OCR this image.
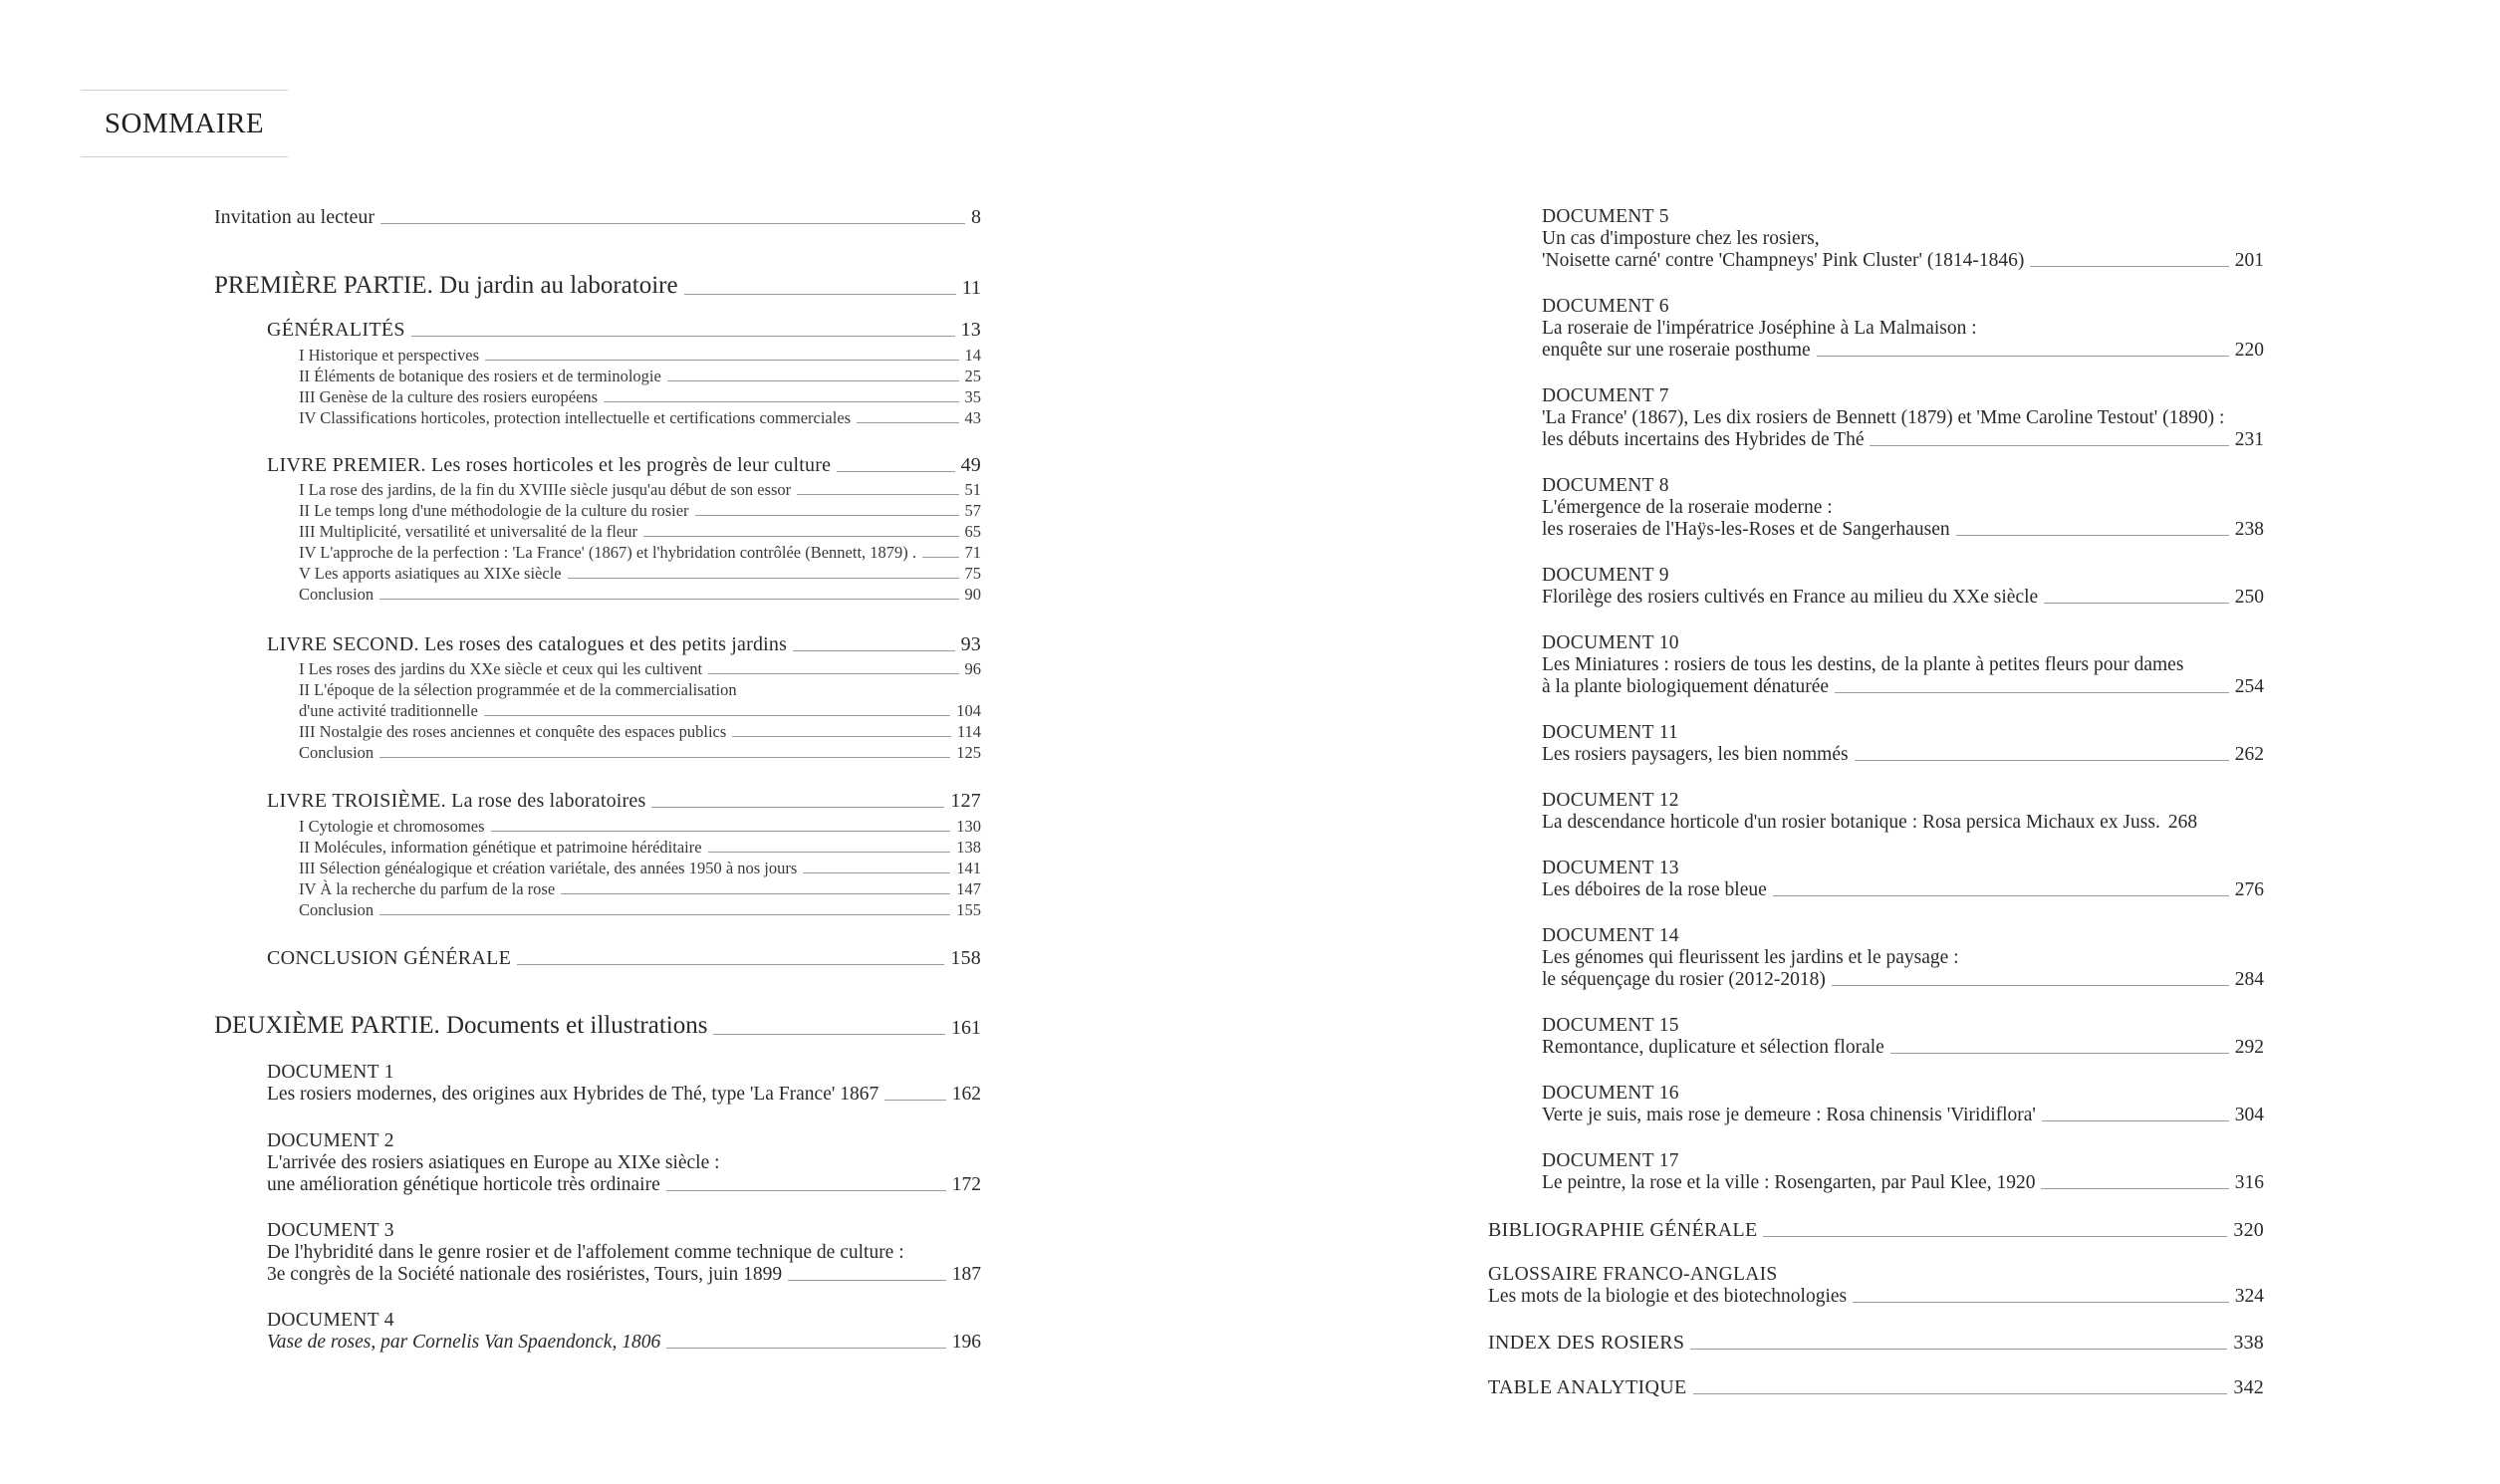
SOMMAIRE
Invitation au lecteur	8
PREMIÈRE PARTIE. Du jardin au laboratoire	11
GÉNÉRALITÉS	13
I Historique et perspectives	14
II Éléments de botanique des rosiers et de terminologie	25
III Genèse de la culture des rosiers européens	35
IV Classifications horticoles, protection intellectuelle et certifications commerciales	43
LIVRE PREMIER. Les roses horticoles et les progrès de leur culture	49
I La rose des jardins, de la fin du XVIIIe siècle jusqu'au début de son essor	51
II Le temps long d'une méthodologie de la culture du rosier	57
III Multiplicité, versatilité et universalité de la fleur	65
IV L'approche de la perfection : 'La France' (1867) et l'hybridation contrôlée (Bennett, 1879) .	71
V Les apports asiatiques au XIXe siècle	75
Conclusion	90
LIVRE SECOND. Les roses des catalogues et des petits jardins	93
I Les roses des jardins du XXe siècle et ceux qui les cultivent	96
II L'époque de la sélection programmée et de la commercialisation
d'une activité traditionnelle	104
III Nostalgie des roses anciennes et conquête des espaces publics	114
Conclusion	125
LIVRE TROISIÈME. La rose des laboratoires	127
I Cytologie et chromosomes	130
II Molécules, information génétique et patrimoine héréditaire	138
III Sélection généalogique et création variétale, des années 1950 à nos jours	141
IV À la recherche du parfum de la rose	147
Conclusion	155
CONCLUSION GÉNÉRALE	158
DEUXIÈME PARTIE. Documents et illustrations	161
DOCUMENT 1
Les rosiers modernes, des origines aux Hybrides de Thé, type 'La France' 1867	162
DOCUMENT 2
L'arrivée des rosiers asiatiques en Europe au XIXe siècle :
une amélioration génétique horticole très ordinaire	172
DOCUMENT 3
De l'hybridité dans le genre rosier et de l'affolement comme technique de culture :
3e congrès de la Société nationale des rosiéristes, Tours, juin 1899	187
DOCUMENT 4
Vase de roses, par Cornelis Van Spaendonck, 1806	196
DOCUMENT 5
Un cas d'imposture chez les rosiers,
'Noisette carné' contre 'Champneys' Pink Cluster' (1814-1846)	201
DOCUMENT 6
La roseraie de l'impératrice Joséphine à La Malmaison :
enquête sur une roseraie posthume	220
DOCUMENT 7
'La France' (1867), Les dix rosiers de Bennett (1879) et 'Mme Caroline Testout' (1890) :
les débuts incertains des Hybrides de Thé	231
DOCUMENT 8
L'émergence de la roseraie moderne :
les roseraies de l'Haÿs-les-Roses et de Sangerhausen	238
DOCUMENT 9
Florilège des rosiers cultivés en France au milieu du XXe siècle	250
DOCUMENT 10
Les Miniatures : rosiers de tous les destins, de la plante à petites fleurs pour dames
à la plante biologiquement dénaturée	254
DOCUMENT 11
Les rosiers paysagers, les bien nommés	262
DOCUMENT 12
La descendance horticole d'un rosier botanique : Rosa persica Michaux ex Juss. 268
DOCUMENT 13
Les déboires de la rose bleue	276
DOCUMENT 14
Les génomes qui fleurissent les jardins et le paysage :
le séquençage du rosier (2012-2018)	284
DOCUMENT 15
Remontance, duplicature et sélection florale	292
DOCUMENT 16
Verte je suis, mais rose je demeure : Rosa chinensis 'Viridiflora'	304
DOCUMENT 17
Le peintre, la rose et la ville : Rosengarten, par Paul Klee, 1920	316
BIBLIOGRAPHIE GÉNÉRALE	320
GLOSSAIRE FRANCO-ANGLAIS
Les mots de la biologie et des biotechnologies	324
INDEX DES ROSIERS	338
TABLE ANALYTIQUE	342
